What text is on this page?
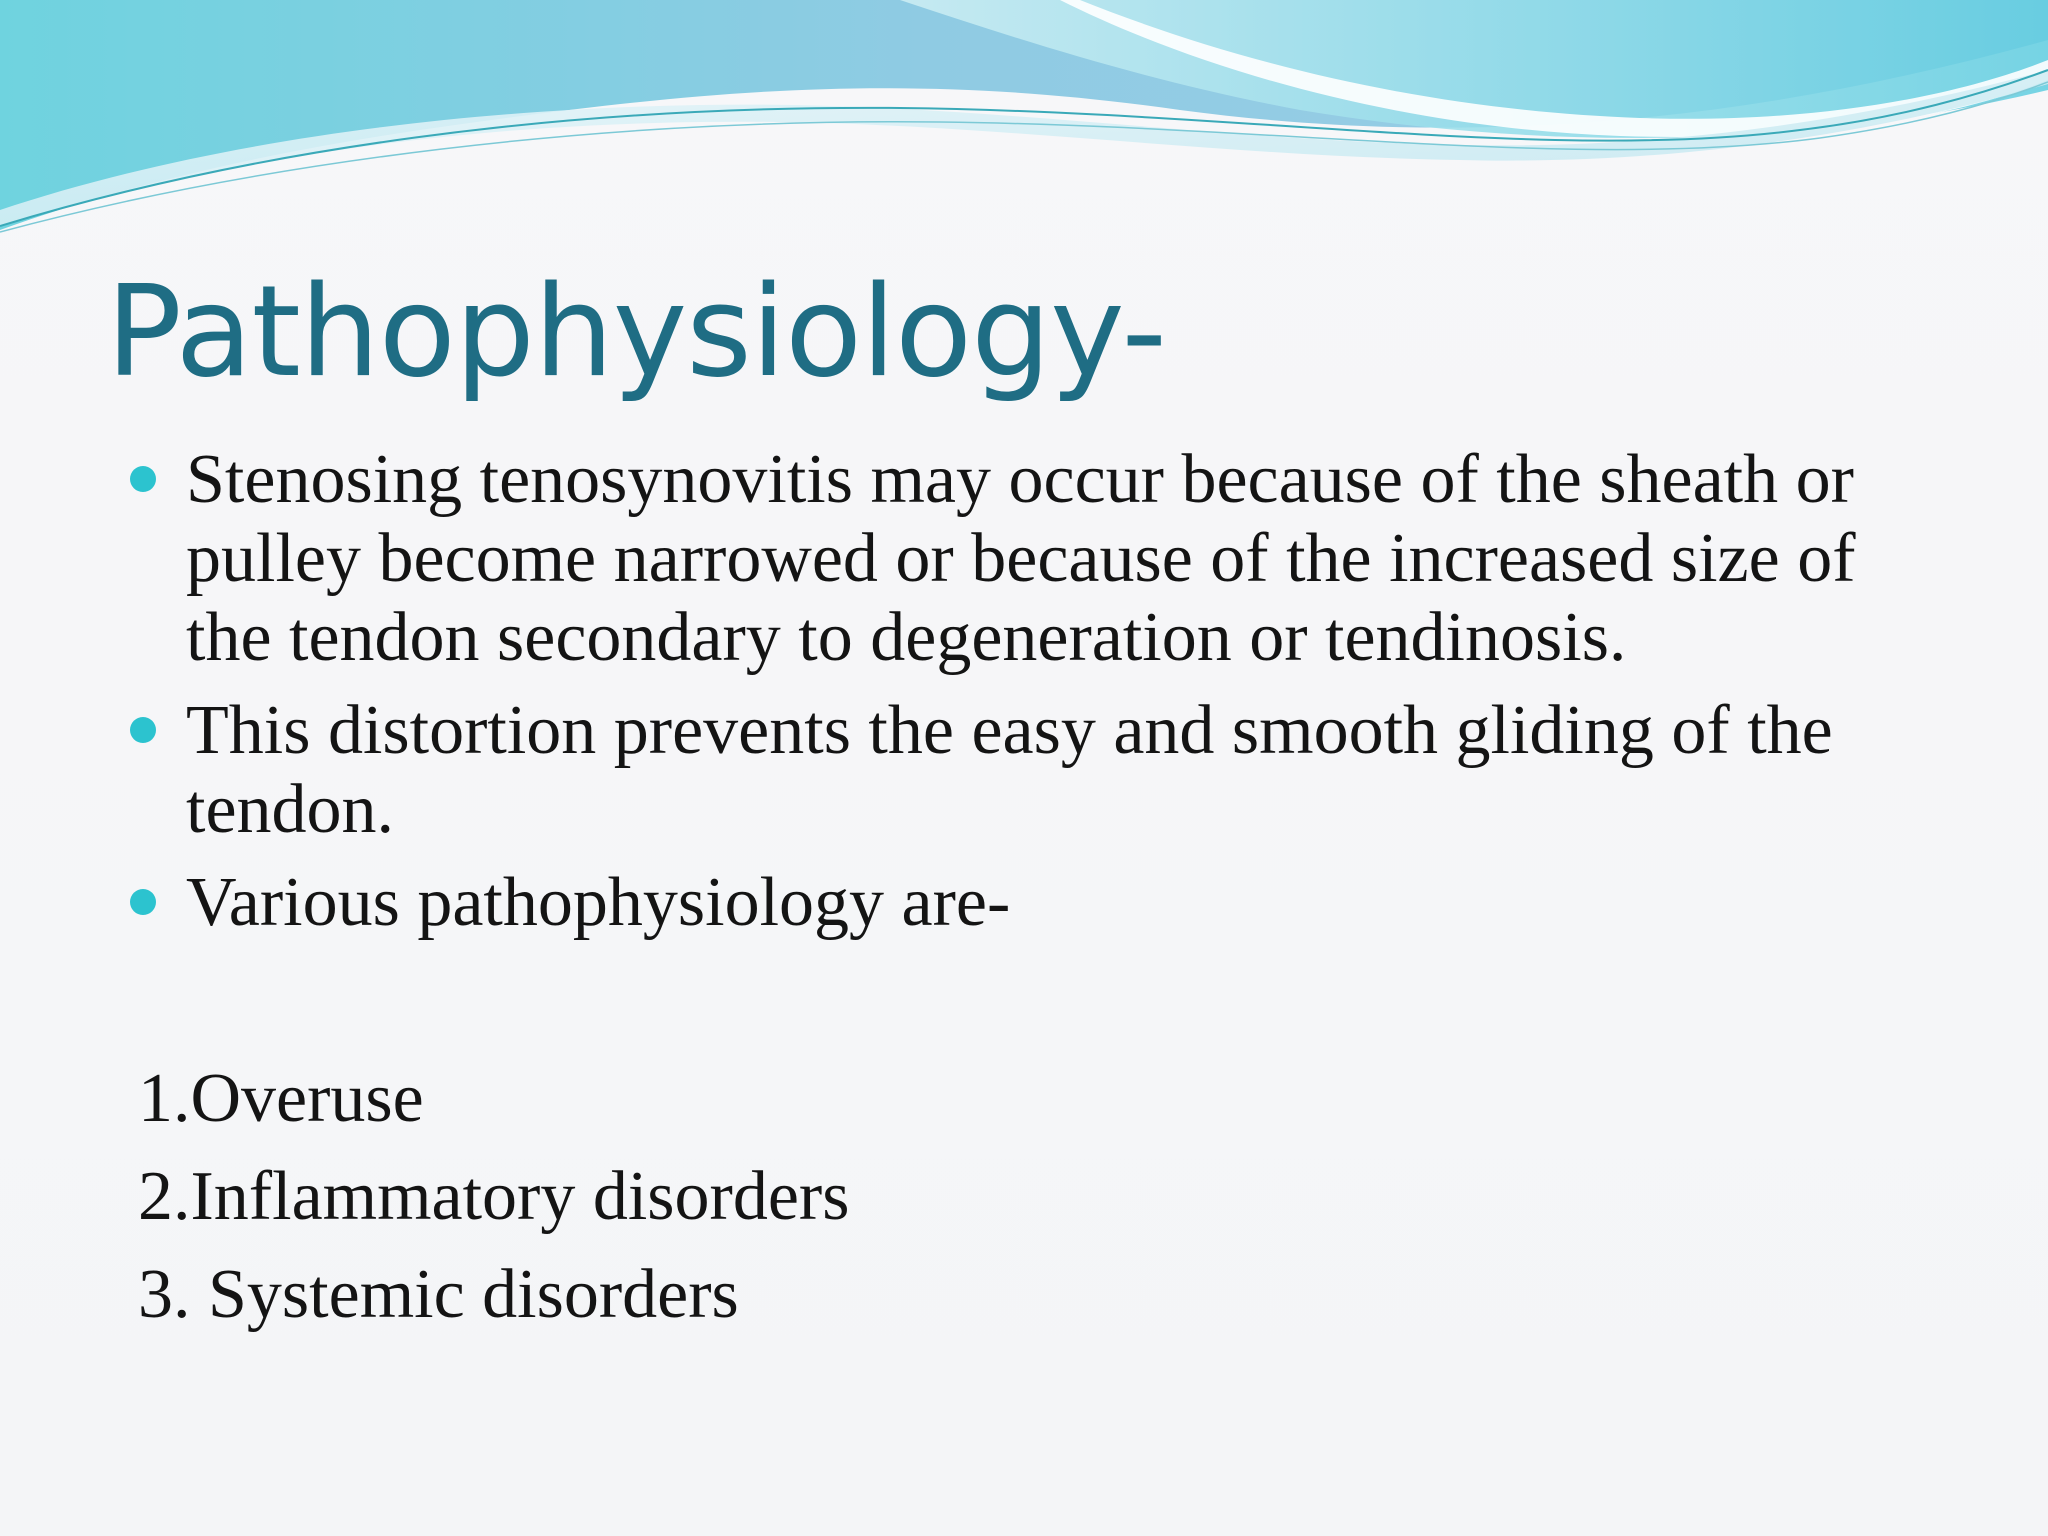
Pathophysiology-
Stenosing tenosynovitis may occur because of the sheath or pulley become narrowed or because of the increased size of the tendon secondary to degeneration or tendinosis.
This distortion prevents the easy and smooth gliding of the tendon.
Various pathophysiology are-
1.Overuse
2.Inflammatory disorders
3. Systemic disorders
